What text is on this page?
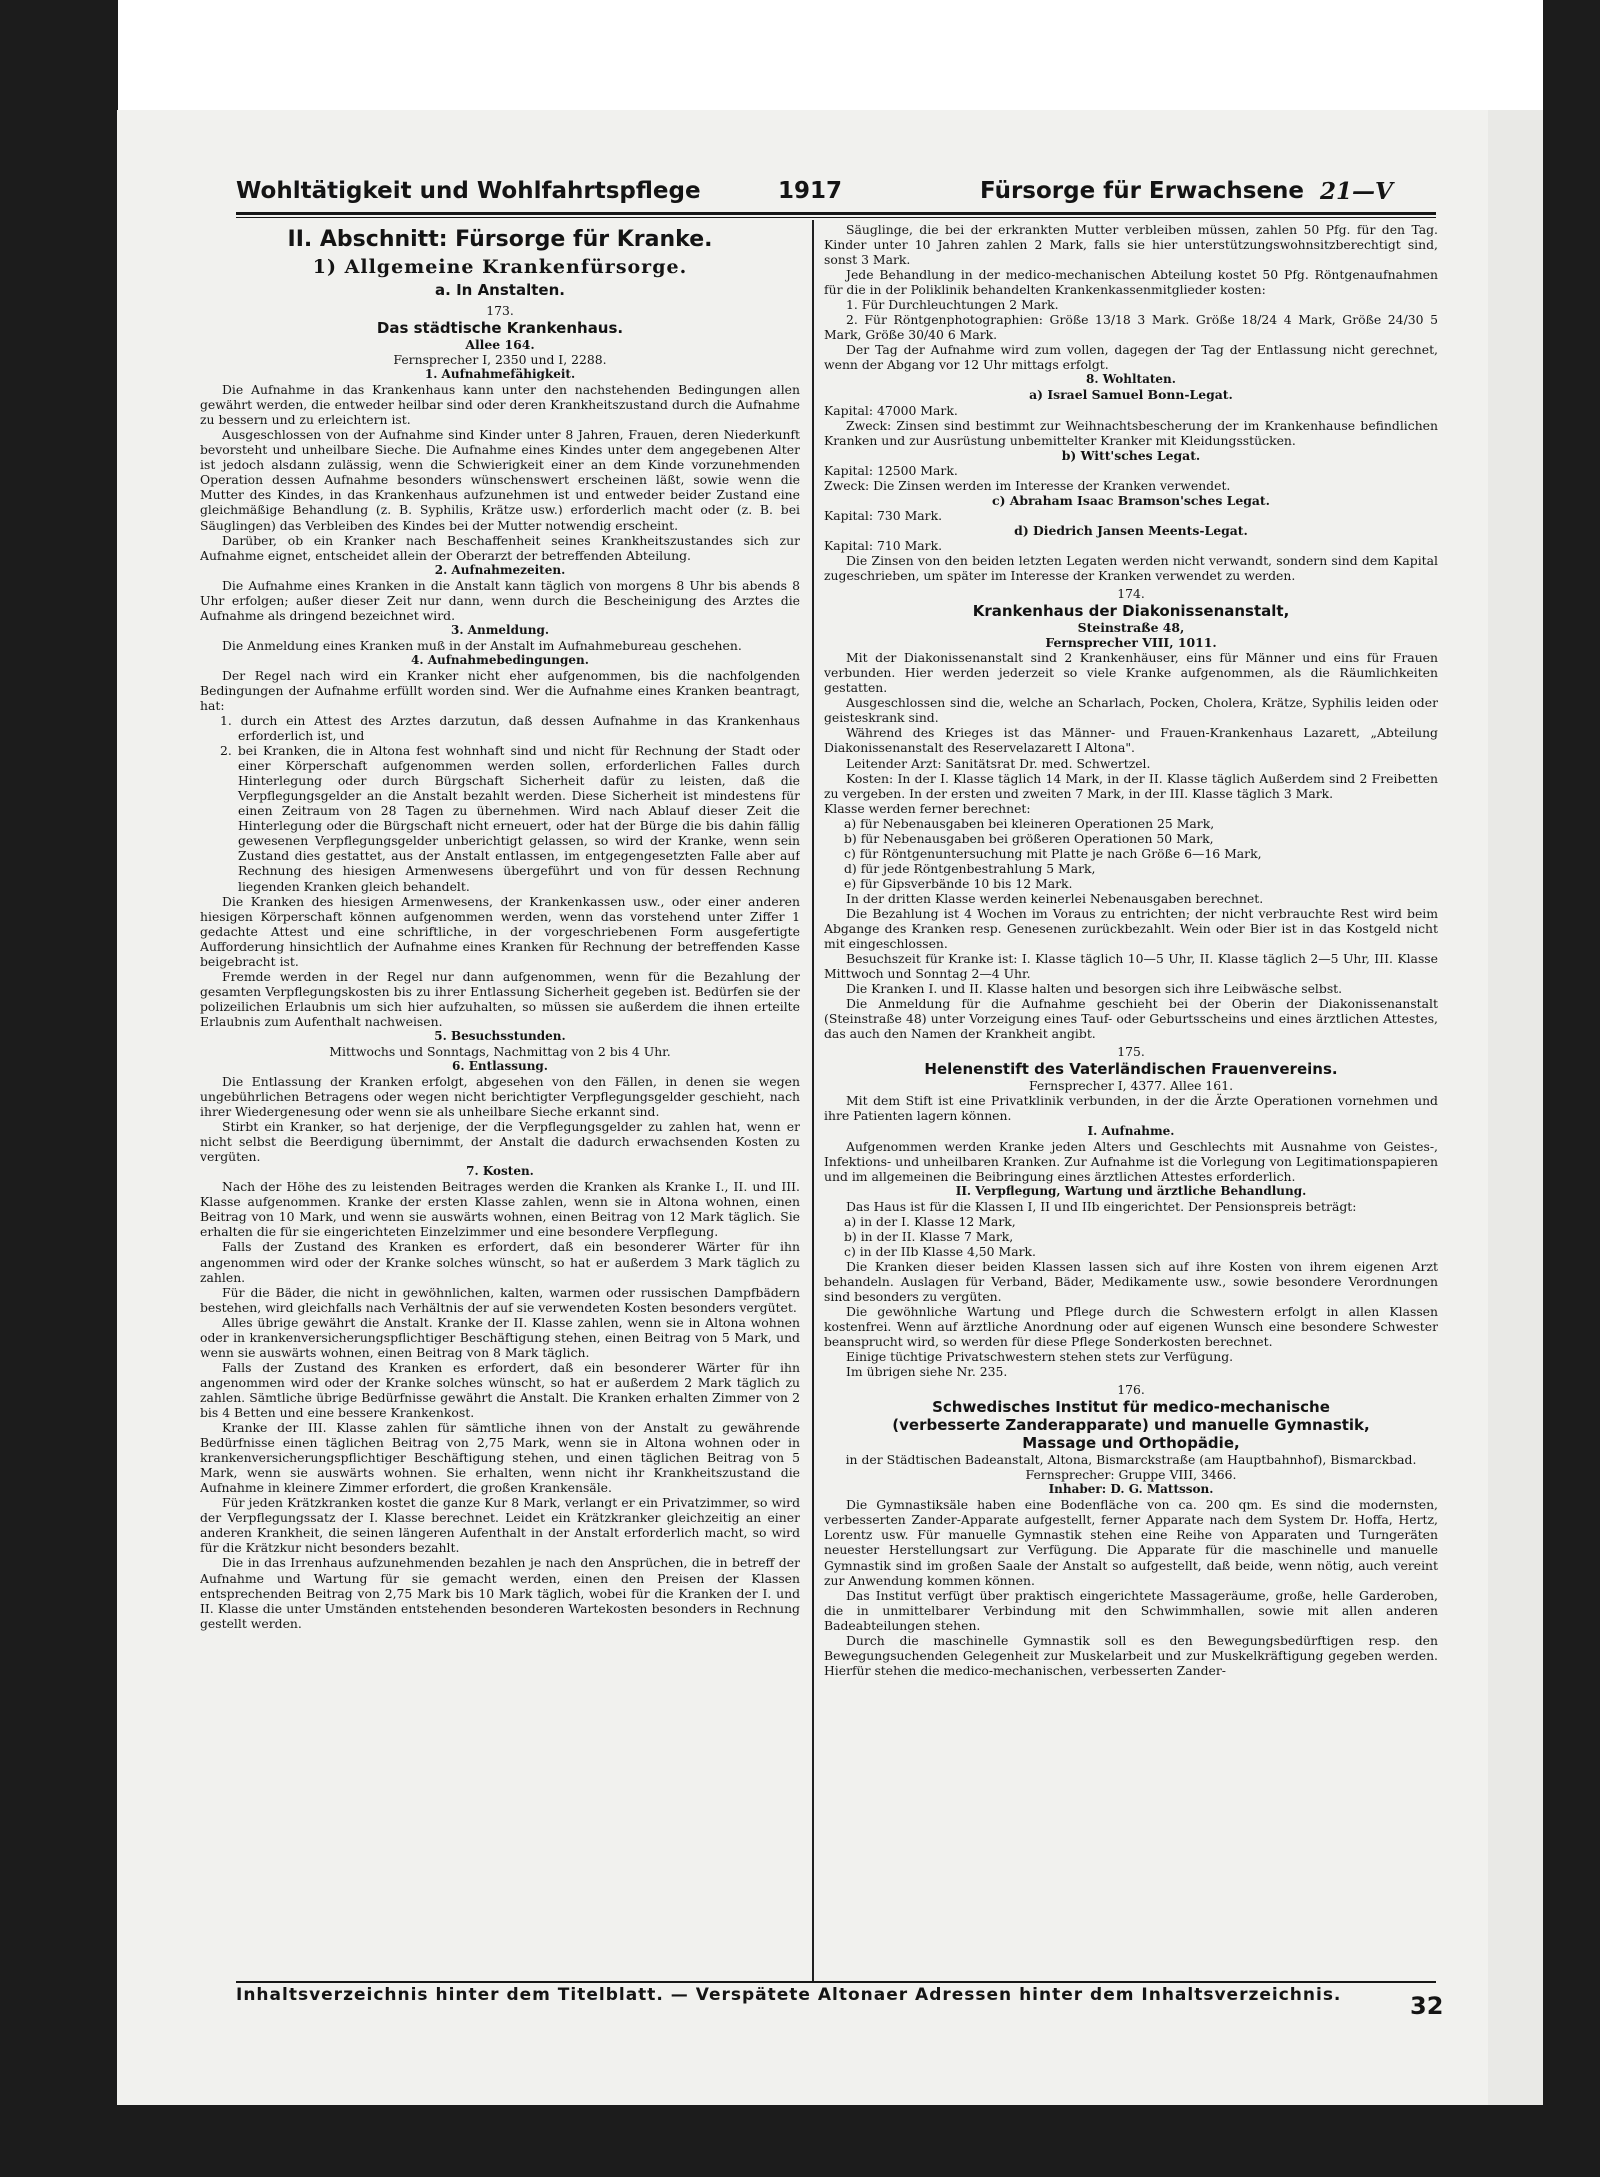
Wohltätigkeit und Wohlfahrtspflege	1917	Fürsorge für Erwachsene 21—V
II. Abschnitt: Fürsorge für Kranke.
1) Allgemeine Krankenfürsorge.
a. In Anstalten.
173.
Das städtische Krankenhaus.
Allee 164.
Fernsprecher I, 2350 und I, 2288.
1. Aufnahmefähigkeit.

Die Aufnahme in das Krankenhaus kann unter den nachstehenden Bedingungen allen gewährt werden, die entweder heilbar sind oder deren Krankheitszustand durch die Aufnahme zu bessern und zu erleichtern ist.

Ausgeschlossen von der Aufnahme sind Kinder unter 8 Jahren, Frauen, deren Niederkunft bevorsteht und unheilbare Sieche. Die Aufnahme eines Kindes unter dem angegebenen Alter ist jedoch alsdann zulässig, wenn die Schwierigkeit einer an dem Kinde vorzunehmenden Operation dessen Aufnahme besonders wünschenswert erscheinen läßt, sowie wenn die Mutter des Kindes, in das Krankenhaus aufzunehmen ist und entweder beider Zustand eine gleichmäßige Behandlung (z. B. Syphilis, Krätze usw.) erforderlich macht oder (z. B. bei Säuglingen) das Verbleiben des Kindes bei der Mutter notwendig erscheint.

Darüber, ob ein Kranker nach Beschaffenheit seines Krankheitszustandes sich zur Aufnahme eignet, entscheidet allein der Oberarzt der betreffenden Abteilung.

2. Aufnahmezeiten.

Die Aufnahme eines Kranken in die Anstalt kann täglich von morgens 8 Uhr bis abends 8 Uhr erfolgen; außer dieser Zeit nur dann, wenn durch die Bescheinigung des Arztes die Aufnahme als dringend bezeichnet wird.

3. Anmeldung.

Die Anmeldung eines Kranken muß in der Anstalt im Aufnahmebureau geschehen.

4. Aufnahmebedingungen.

Der Regel nach wird ein Kranker nicht eher aufgenommen, bis die nachfolgenden Bedingungen der Aufnahme erfüllt worden sind. Wer die Aufnahme eines Kranken beantragt, hat:

1. durch ein Attest des Arztes darzutun, daß dessen Aufnahme in das Krankenhaus erforderlich ist, und
2. bei Kranken, die in Altona fest wohnhaft sind und nicht für Rechnung der Stadt oder einer Körperschaft aufgenommen werden sollen, erforderlichen Falles durch Hinterlegung oder durch Bürgschaft Sicherheit dafür zu leisten, daß die Verpflegungsgelder an die Anstalt bezahlt werden. Diese Sicherheit ist mindestens für einen Zeitraum von 28 Tagen zu übernehmen. Wird nach Ablauf dieser Zeit die Hinterlegung oder die Bürgschaft nicht erneuert, oder hat der Bürge die bis dahin fällig gewesenen Verpflegungsgelder unberichtigt gelassen, so wird der Kranke, wenn sein Zustand dies gestattet, aus der Anstalt entlassen, im entgegengesetzten Falle aber auf Rechnung des hiesigen Armenwesens übergeführt und von für dessen Rechnung liegenden Kranken gleich behandelt.

Die Kranken des hiesigen Armenwesens, der Krankenkassen usw., oder einer anderen hiesigen Körperschaft können aufgenommen werden, wenn das vorstehend unter Ziffer 1 gedachte Attest und eine schriftliche, in der vorgeschriebenen Form ausgefertigte Aufforderung hinsichtlich der Aufnahme eines Kranken für Rechnung der betreffenden Kasse beigebracht ist.

Fremde werden in der Regel nur dann aufgenommen, wenn für die Bezahlung der gesamten Verpflegungskosten bis zu ihrer Entlassung Sicherheit gegeben ist. Bedürfen sie der polizeilichen Erlaubnis um sich hier aufzuhalten, so müssen sie außerdem die ihnen erteilte Erlaubnis zum Aufenthalt nachweisen.

5. Besuchsstunden.

Mittwochs und Sonntags, Nachmittag von 2 bis 4 Uhr.

6. Entlassung.

Die Entlassung der Kranken erfolgt, abgesehen von den Fällen, in denen sie wegen ungebührlichen Betragens oder wegen nicht berichtigter Verpflegungsgelder geschieht, nach ihrer Wiedergenesung oder wenn sie als unheilbare Sieche erkannt sind.

Stirbt ein Kranker, so hat derjenige, der die Verpflegungsgelder zu zahlen hat, wenn er nicht selbst die Beerdigung übernimmt, der Anstalt die dadurch erwachsenden Kosten zu vergüten.

7. Kosten.

Nach der Höhe des zu leistenden Beitrages werden die Kranken als Kranke I., II. und III. Klasse aufgenommen. Kranke der ersten Klasse zahlen, wenn sie in Altona wohnen, einen Beitrag von 10 Mark, und wenn sie auswärts wohnen, einen Beitrag von 12 Mark täglich. Sie erhalten die für sie eingerichteten Einzelzimmer und eine besondere Verpflegung.

Falls der Zustand des Kranken es erfordert, daß ein besonderer Wärter für ihn angenommen wird oder der Kranke solches wünscht, so hat er außerdem 3 Mark täglich zu zahlen.

Für die Bäder, die nicht in gewöhnlichen, kalten, warmen oder russischen Dampfbädern bestehen, wird gleichfalls nach Verhältnis der auf sie verwendeten Kosten besonders vergütet.

Alles übrige gewährt die Anstalt. Kranke der II. Klasse zahlen, wenn sie in Altona wohnen oder in krankenversicherungspflichtiger Beschäftigung stehen, einen Beitrag von 5 Mark, und wenn sie auswärts wohnen, einen Beitrag von 8 Mark täglich.

Falls der Zustand des Kranken es erfordert, daß ein besonderer Wärter für ihn angenommen wird oder der Kranke solches wünscht, so hat er außerdem 2 Mark täglich zu zahlen. Sämtliche übrige Bedürfnisse gewährt die Anstalt. Die Kranken erhalten Zimmer von 2 bis 4 Betten und eine bessere Krankenkost.

Kranke der III. Klasse zahlen für sämtliche ihnen von der Anstalt zu gewährende Bedürfnisse einen täglichen Beitrag von 2,75 Mark, wenn sie in Altona wohnen oder in krankenversicherungspflichtiger Beschäftigung stehen, und einen täglichen Beitrag von 5 Mark, wenn sie auswärts wohnen. Sie erhalten, wenn nicht ihr Krankheitszustand die Aufnahme in kleinere Zimmer erfordert, die großen Krankensäle.

Für jeden Krätzkranken kostet die ganze Kur 8 Mark, verlangt er ein Privatzimmer, so wird der Verpflegungssatz der I. Klasse berechnet. Leidet ein Krätzkranker gleichzeitig an einer anderen Krankheit, die seinen längeren Aufenthalt in der Anstalt erforderlich macht, so wird für die Krätzkur nicht besonders bezahlt.

Die in das Irrenhaus aufzunehmenden bezahlen je nach den Ansprüchen, die in betreff der Aufnahme und Wartung für sie gemacht werden, einen den Preisen der Klassen entsprechenden Beitrag von 2,75 Mark bis 10 Mark täglich, wobei für die Kranken der I. und II. Klasse die unter Umständen entstehenden besonderen Wartekosten besonders in Rechnung gestellt werden.

Säuglinge, die bei der erkrankten Mutter verbleiben müssen, zahlen 50 Pfg. für den Tag. Kinder unter 10 Jahren zahlen 2 Mark, falls sie hier unterstützungswohnsitzberechtigt sind, sonst 3 Mark.

Jede Behandlung in der medico-mechanischen Abteilung kostet 50 Pfg. Röntgenaufnahmen für die in der Poliklinik behandelten Krankenkassenmitglieder kosten:

1. Für Durchleuchtungen 2 Mark.

2. Für Röntgenphotographien: Größe 13/18 3 Mark. Größe 18/24 4 Mark, Größe 24/30 5 Mark, Größe 30/40 6 Mark.

Der Tag der Aufnahme wird zum vollen, dagegen der Tag der Entlassung nicht gerechnet, wenn der Abgang vor 12 Uhr mittags erfolgt.

8. Wohltaten.
a) Israel Samuel Bonn-Legat.

Kapital: 47000 Mark.

Zweck: Zinsen sind bestimmt zur Weihnachtsbescherung der im Krankenhause befindlichen Kranken und zur Ausrüstung unbemittelter Kranker mit Kleidungsstücken.

b) Witt'sches Legat.

Kapital: 12500 Mark.

Zweck: Die Zinsen werden im Interesse der Kranken verwendet.

c) Abraham Isaac Bramson'sches Legat.

Kapital: 730 Mark.

d) Diedrich Jansen Meents-Legat.

Kapital: 710 Mark.

Die Zinsen von den beiden letzten Legaten werden nicht verwandt, sondern sind dem Kapital zugeschrieben, um später im Interesse der Kranken verwendet zu werden.

174.
Krankenhaus der Diakonissenanstalt,
Steinstraße 48,
Fernsprecher VIII, 1011.

Mit der Diakonissenanstalt sind 2 Krankenhäuser, eins für Männer und eins für Frauen verbunden. Hier werden jederzeit so viele Kranke aufgenommen, als die Räumlichkeiten gestatten.

Ausgeschlossen sind die, welche an Scharlach, Pocken, Cholera, Krätze, Syphilis leiden oder geisteskrank sind.

Während des Krieges ist das Männer- und Frauen-Krankenhaus Lazarett, „Abteilung Diakonissenanstalt des Reservelazarett I Altona".

Leitender Arzt: Sanitätsrat Dr. med. Schwertzel.

Kosten: In der I. Klasse täglich 14 Mark, in der II. Klasse täglich Außerdem sind 2 Freibetten zu vergeben. In der ersten und zweiten 7 Mark, in der III. Klasse täglich 3 Mark.

Klasse werden ferner berechnet:

a) für Nebenausgaben bei kleineren Operationen 25 Mark,
b) für Nebenausgaben bei größeren Operationen 50 Mark,
c) für Röntgenuntersuchung mit Platte je nach Größe 6—16 Mark,
d) für jede Röntgenbestrahlung 5 Mark,
e) für Gipsverbände 10 bis 12 Mark.

In der dritten Klasse werden keinerlei Nebenausgaben berechnet.

Die Bezahlung ist 4 Wochen im Voraus zu entrichten; der nicht verbrauchte Rest wird beim Abgange des Kranken resp. Genesenen zurückbezahlt. Wein oder Bier ist in das Kostgeld nicht mit eingeschlossen.

Besuchszeit für Kranke ist: I. Klasse täglich 10—5 Uhr, II. Klasse täglich 2—5 Uhr, III. Klasse Mittwoch und Sonntag 2—4 Uhr.

Die Kranken I. und II. Klasse halten und besorgen sich ihre Leibwäsche selbst.

Die Anmeldung für die Aufnahme geschieht bei der Oberin der Diakonissenanstalt (Steinstraße 48) unter Vorzeigung eines Tauf- oder Geburtsscheins und eines ärztlichen Attestes, das auch den Namen der Krankheit angibt.

175.
Helenenstift des Vaterländischen Frauenvereins.
Fernsprecher I, 4377. Allee 161.

Mit dem Stift ist eine Privatklinik verbunden, in der die Ärzte Operationen vornehmen und ihre Patienten lagern können.

I. Aufnahme.

Aufgenommen werden Kranke jeden Alters und Geschlechts mit Ausnahme von Geistes-, Infektions- und unheilbaren Kranken. Zur Aufnahme ist die Vorlegung von Legitimationspapieren und im allgemeinen die Beibringung eines ärztlichen Attestes erforderlich.

II. Verpflegung, Wartung und ärztliche Behandlung.

Das Haus ist für die Klassen I, II und IIb eingerichtet. Der Pensionspreis beträgt:

a) in der I. Klasse 12 Mark,
b) in der II. Klasse 7 Mark,
c) in der IIb Klasse 4,50 Mark.

Die Kranken dieser beiden Klassen lassen sich auf ihre Kosten von ihrem eigenen Arzt behandeln. Auslagen für Verband, Bäder, Medikamente usw., sowie besondere Verordnungen sind besonders zu vergüten.

Die gewöhnliche Wartung und Pflege durch die Schwestern erfolgt in allen Klassen kostenfrei. Wenn auf ärztliche Anordnung oder auf eigenen Wunsch eine besondere Schwester beansprucht wird, so werden für diese Pflege Sonderkosten berechnet.

Einige tüchtige Privatschwestern stehen stets zur Verfügung.

Im übrigen siehe Nr. 235.

176.
Schwedisches Institut für medico-mechanische
(verbesserte Zanderapparate) und manuelle Gymnastik,
Massage und Orthopädie,

in der Städtischen Badeanstalt, Altona, Bismarckstraße (am Hauptbahnhof), Bismarckbad. Fernsprecher: Gruppe VIII, 3466.

Inhaber: D. G. Mattsson.

Die Gymnastiksäle haben eine Bodenfläche von ca. 200 qm. Es sind die modernsten, verbesserten Zander-Apparate aufgestellt, ferner Apparate nach dem System Dr. Hoffa, Hertz, Lorentz usw. Für manuelle Gymnastik stehen eine Reihe von Apparaten und Turngeräten neuester Herstellungsart zur Verfügung. Die Apparate für die maschinelle und manuelle Gymnastik sind im großen Saale der Anstalt so aufgestellt, daß beide, wenn nötig, auch vereint zur Anwendung kommen können.

Das Institut verfügt über praktisch eingerichtete Massageräume, große, helle Garderoben, die in unmittelbarer Verbindung mit den Schwimmhallen, sowie mit allen anderen Badeabteilungen stehen.

Durch die maschinelle Gymnastik soll es den Bewegungsbedürftigen resp. den Bewegungsuchenden Gelegenheit zur Muskelarbeit und zur Muskelkräftigung gegeben werden. Hierfür stehen die medico-mechanischen, verbesserten Zander-

Inhaltsverzeichnis hinter dem Titelblatt. — Verspätete Altonaer Adressen hinter dem Inhaltsverzeichnis.	32
